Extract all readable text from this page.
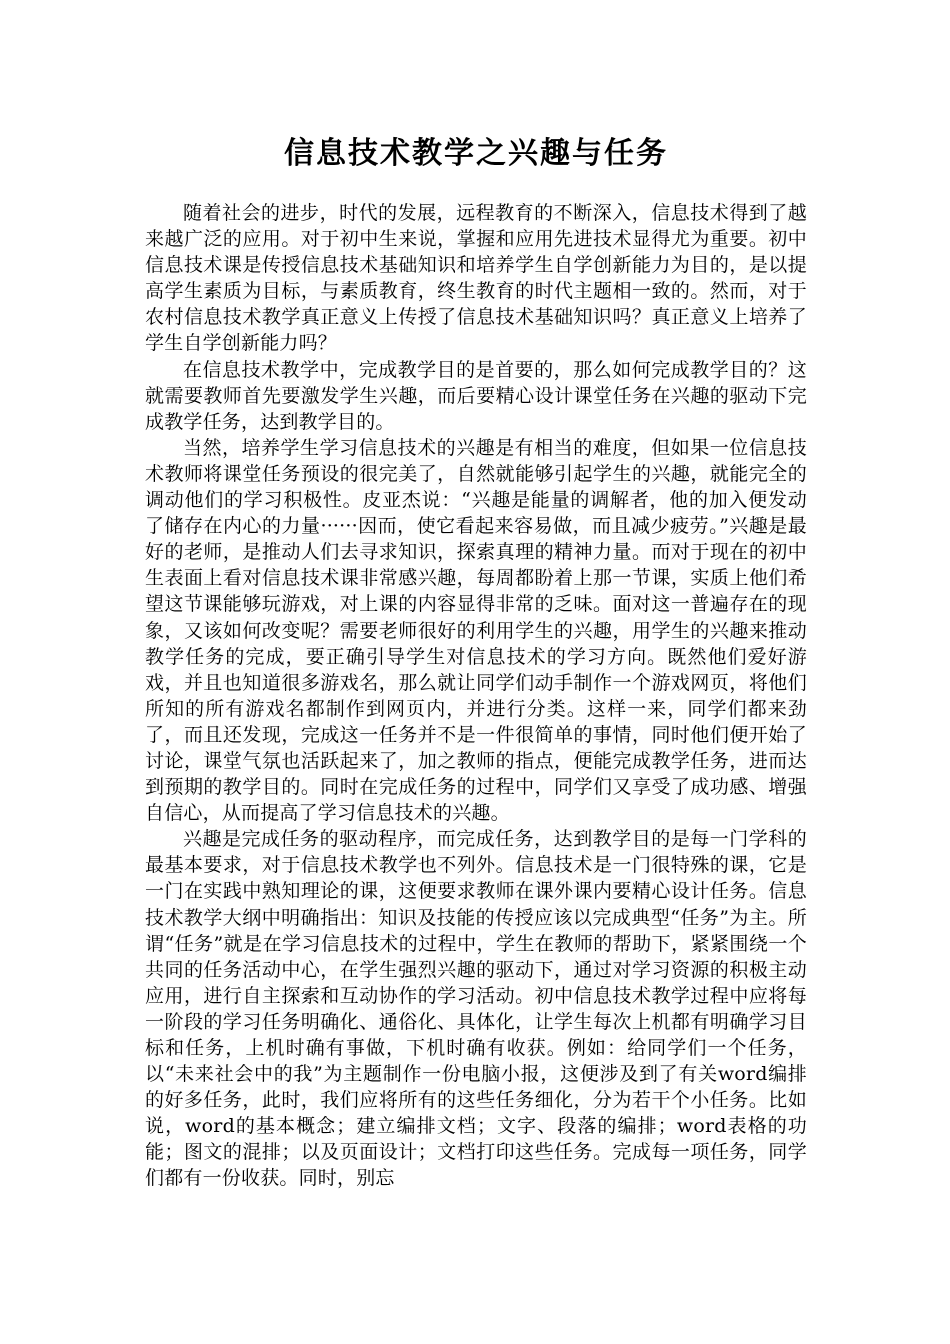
信息技术教学之兴趣与任务

随着社会的进步，时代的发展，远程教育的不断深入，信息技术得到了越来越广泛的应用。对于初中生来说，掌握和应用先进技术显得尤为重要。初中信息技术课是传授信息技术基础知识和培养学生自学创新能力为目的，是以提高学生素质为目标，与素质教育，终生教育的时代主题相一致的。然而，对于农村信息技术教学真正意义上传授了信息技术基础知识吗？真正意义上培养了学生自学创新能力吗？

在信息技术教学中，完成教学目的是首要的，那么如何完成教学目的？这就需要教师首先要激发学生兴趣，而后要精心设计课堂任务在兴趣的驱动下完成教学任务，达到教学目的。

当然，培养学生学习信息技术的兴趣是有相当的难度，但如果一位信息技术教师将课堂任务预设的很完美了，自然就能够引起学生的兴趣，就能完全的调动他们的学习积极性。皮亚杰说：“兴趣是能量的调解者，他的加入便发动了储存在内心的力量······因而，使它看起来容易做，而且减少疲劳。”兴趣是最好的老师，是推动人们去寻求知识，探索真理的精神力量。而对于现在的初中生表面上看对信息技术课非常感兴趣，每周都盼着上那一节课，实质上他们希望这节课能够玩游戏，对上课的内容显得非常的乏味。面对这一普遍存在的现象，又该如何改变呢？需要老师很好的利用学生的兴趣，用学生的兴趣来推动教学任务的完成，要正确引导学生对信息技术的学习方向。既然他们爱好游戏，并且也知道很多游戏名，那么就让同学们动手制作一个游戏网页，将他们所知的所有游戏名都制作到网页内，并进行分类。这样一来，同学们都来劲了，而且还发现，完成这一任务并不是一件很简单的事情，同时他们便开始了讨论，课堂气氛也活跃起来了，加之教师的指点，便能完成教学任务，进而达到预期的教学目的。同时在完成任务的过程中，同学们又享受了成功感、增强自信心，从而提高了学习信息技术的兴趣。

兴趣是完成任务的驱动程序，而完成任务，达到教学目的是每一门学科的最基本要求，对于信息技术教学也不列外。信息技术是一门很特殊的课，它是一门在实践中熟知理论的课，这便要求教师在课外课内要精心设计任务。信息技术教学大纲中明确指出：知识及技能的传授应该以完成典型“任务”为主。所谓“任务”就是在学习信息技术的过程中，学生在教师的帮助下，紧紧围绕一个共同的任务活动中心，在学生强烈兴趣的驱动下，通过对学习资源的积极主动应用，进行自主探索和互动协作的学习活动。初中信息技术教学过程中应将每一阶段的学习任务明确化、通俗化、具体化，让学生每次上机都有明确学习目标和任务，上机时确有事做，下机时确有收获。例如：给同学们一个任务，以“未来社会中的我”为主题制作一份电脑小报，这便涉及到了有关word编排的好多任务，此时，我们应将所有的这些任务细化，分为若干个小任务。比如说，word的基本概念；建立编排文档；文字、段落的编排；word表格的功能；图文的混排；以及页面设计；文档打印这些任务。完成每一项任务，同学们都有一份收获。同时，别忘
